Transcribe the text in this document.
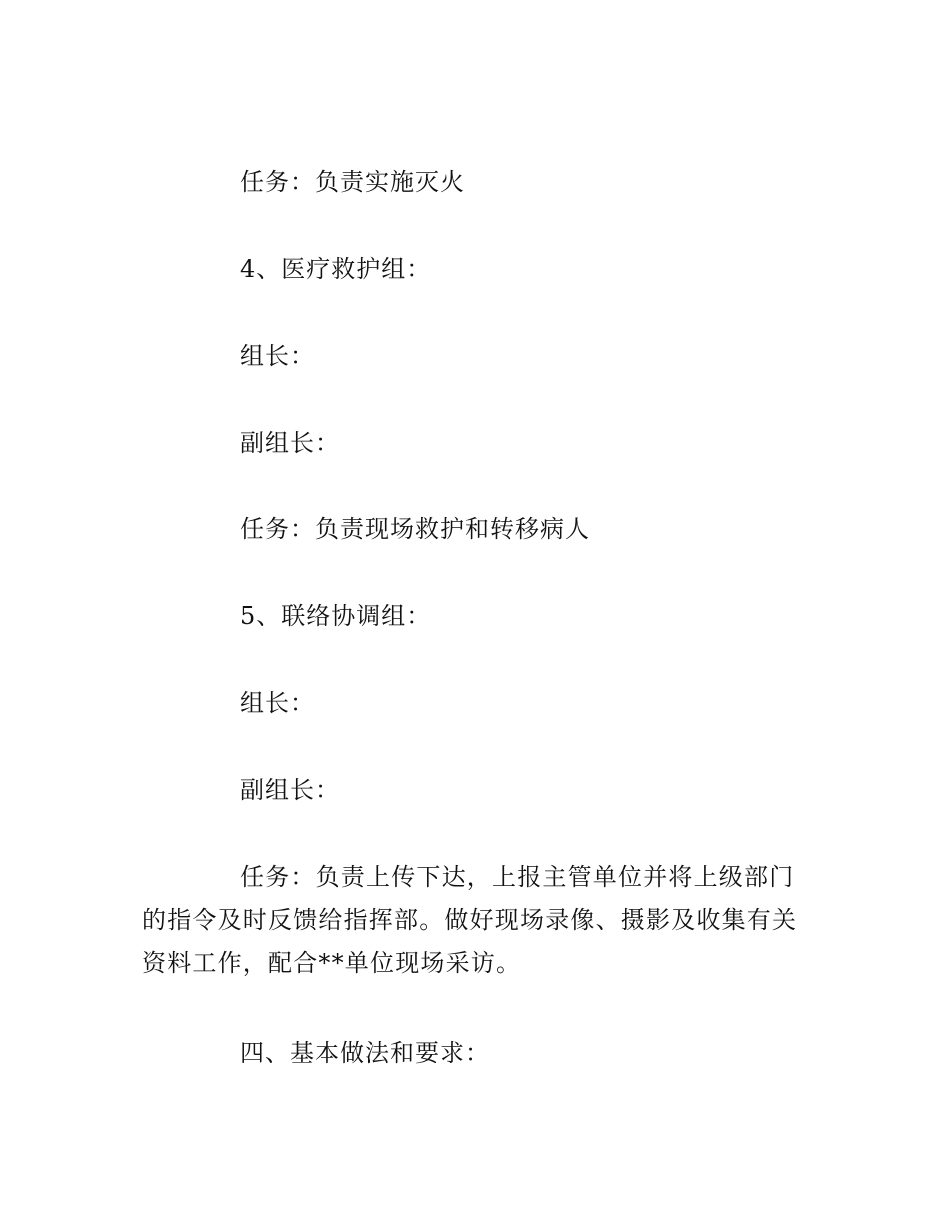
任务：负责实施灭火
4、医疗救护组：
组长：
副组长：
任务：负责现场救护和转移病人
5、联络协调组：
组长：
副组长：

任务：负责上传下达，上报主管单位并将上级部门的指令及时反馈给指挥部。做好现场录像、摄影及收集有关资料工作，配合**单位现场采访。

四、基本做法和要求：
